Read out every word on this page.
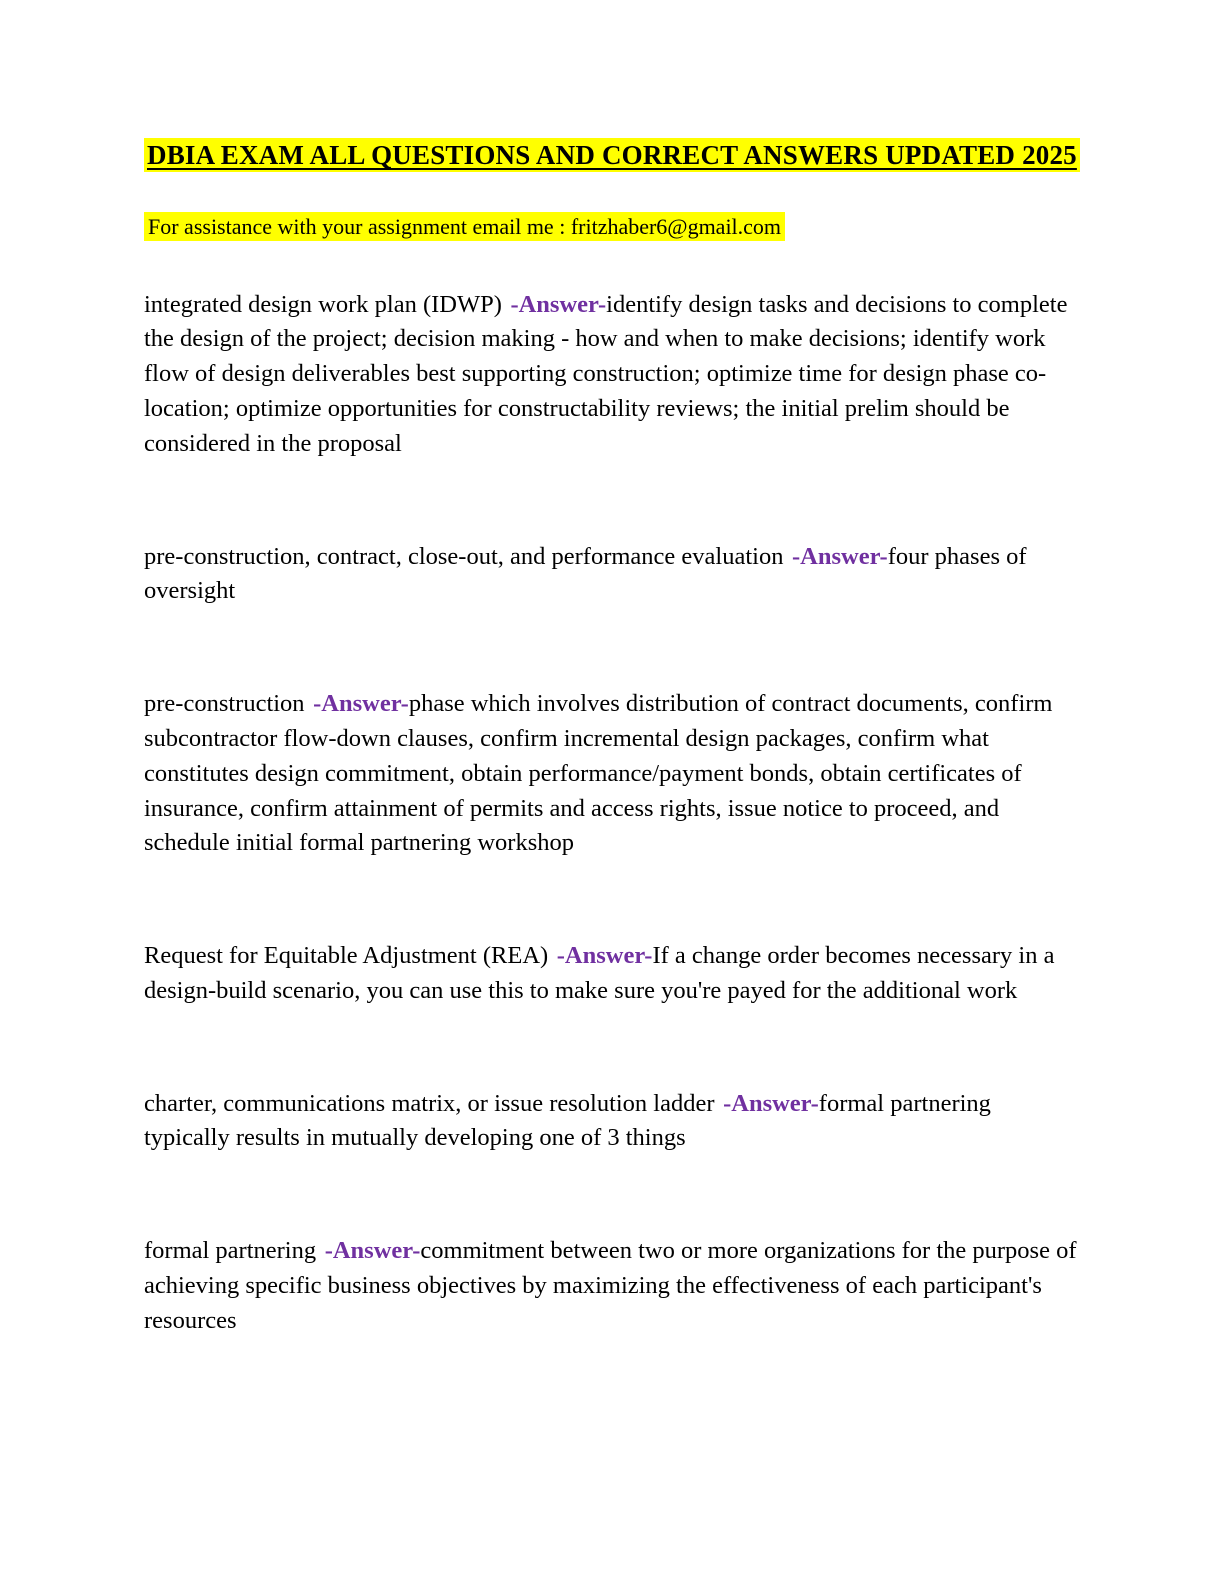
DBIA EXAM ALL QUESTIONS AND CORRECT ANSWERS UPDATED 2025

For assistance with your assignment email me : fritzhaber6@gmail.com

integrated design work plan (IDWP) -Answer-identify design tasks and decisions to complete the design of the project; decision making - how and when to make decisions; identify work flow of design deliverables best supporting construction; optimize time for design phase co-location; optimize opportunities for constructability reviews; the initial prelim should be considered in the proposal

pre-construction, contract, close-out, and performance evaluation -Answer-four phases of oversight

pre-construction -Answer-phase which involves distribution of contract documents, confirm subcontractor flow-down clauses, confirm incremental design packages, confirm what constitutes design commitment, obtain performance/payment bonds, obtain certificates of insurance, confirm attainment of permits and access rights, issue notice to proceed, and schedule initial formal partnering workshop

Request for Equitable Adjustment (REA) -Answer-If a change order becomes necessary in a design-build scenario, you can use this to make sure you're payed for the additional work

charter, communications matrix, or issue resolution ladder -Answer-formal partnering typically results in mutually developing one of 3 things

formal partnering -Answer-commitment between two or more organizations for the purpose of achieving specific business objectives by maximizing the effectiveness of each participant's resources
